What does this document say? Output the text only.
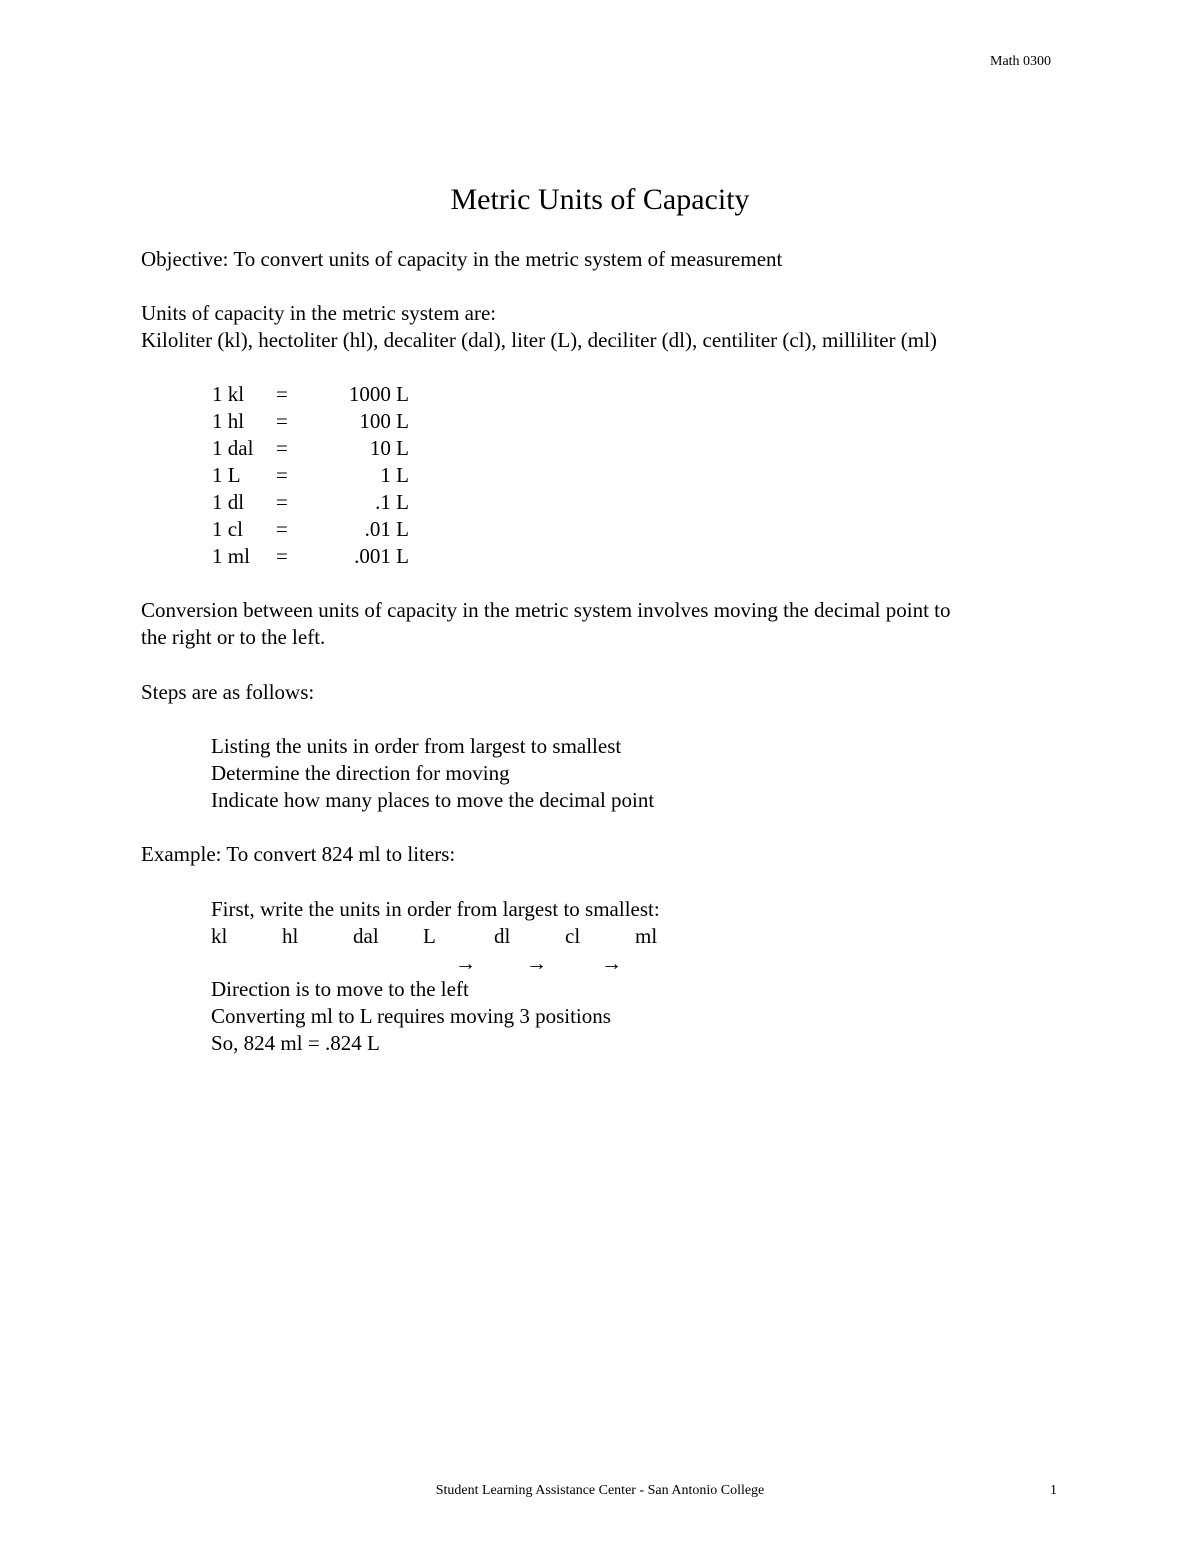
Math 0300
Metric Units of Capacity
Objective: To convert units of capacity in the metric system of measurement
Units of capacity in the metric system are:
Kiloliter (kl), hectoliter (hl), decaliter (dal), liter (L), deciliter (dl), centiliter (cl), milliliter (ml)
1 kl =	1000 L
1 hl =	100 L
1 dal =	10 L
1 L =	1 L
1 dl =	.1 L
1 cl =	.01 L
1 ml =	.001 L
Conversion between units of capacity in the metric system involves moving the decimal point to
the right or to the left.
Steps are as follows:
Listing the units in order from largest to smallest
Determine the direction for moving
Indicate how many places to move the decimal point
Example: To convert 824 ml to liters:
First, write the units in order from largest to smallest:
kl	hl	dal L	dl	cl	ml
→ →	→
Direction is to move to the left
Converting ml to L requires moving 3 positions
So, 824 ml = .824 L
Student Learning Assistance Center - San Antonio College	1
